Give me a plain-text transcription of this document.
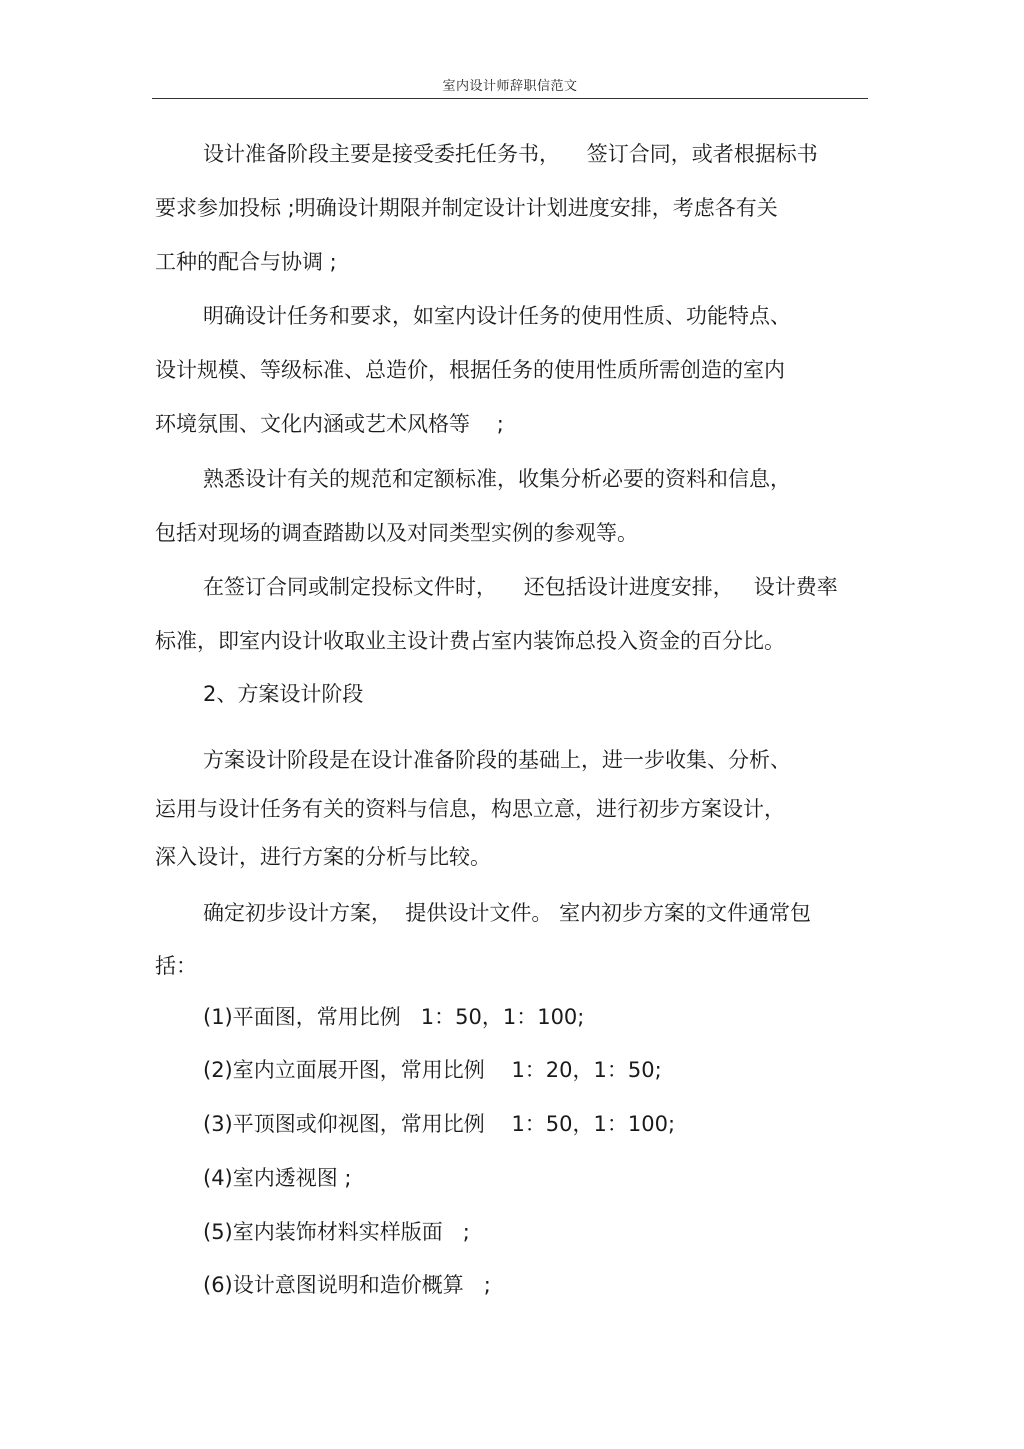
室内设计师辞职信范文
设计准备阶段主要是接受委托任务书，    签订合同，或者根据标书
要求参加投标 ;明确设计期限并制定设计计划进度安排，考虑各有关
工种的配合与协调 ;
明确设计任务和要求，如室内设计任务的使用性质、功能特点、
设计规模、等级标准、总造价，根据任务的使用性质所需创造的室内
环境氛围、文化内涵或艺术风格等    ;
熟悉设计有关的规范和定额标准，收集分析必要的资料和信息，
包括对现场的调查踏勘以及对同类型实例的参观等。
在签订合同或制定投标文件时，    还包括设计进度安排，   设计费率
标准，即室内设计收取业主设计费占室内装饰总投入资金的百分比。
2、方案设计阶段
方案设计阶段是在设计准备阶段的基础上，进一步收集、分析、
运用与设计任务有关的资料与信息，构思立意，进行初步方案设计，
深入设计，进行方案的分析与比较。
确定初步设计方案，  提供设计文件。 室内初步方案的文件通常包
括：
(1)平面图，常用比例   1：50，1：100;
(2)室内立面展开图，常用比例    1：20，1：50;
(3)平顶图或仰视图，常用比例    1：50，1：100;
(4)室内透视图 ;
(5)室内装饰材料实样版面   ;
(6)设计意图说明和造价概算   ;
